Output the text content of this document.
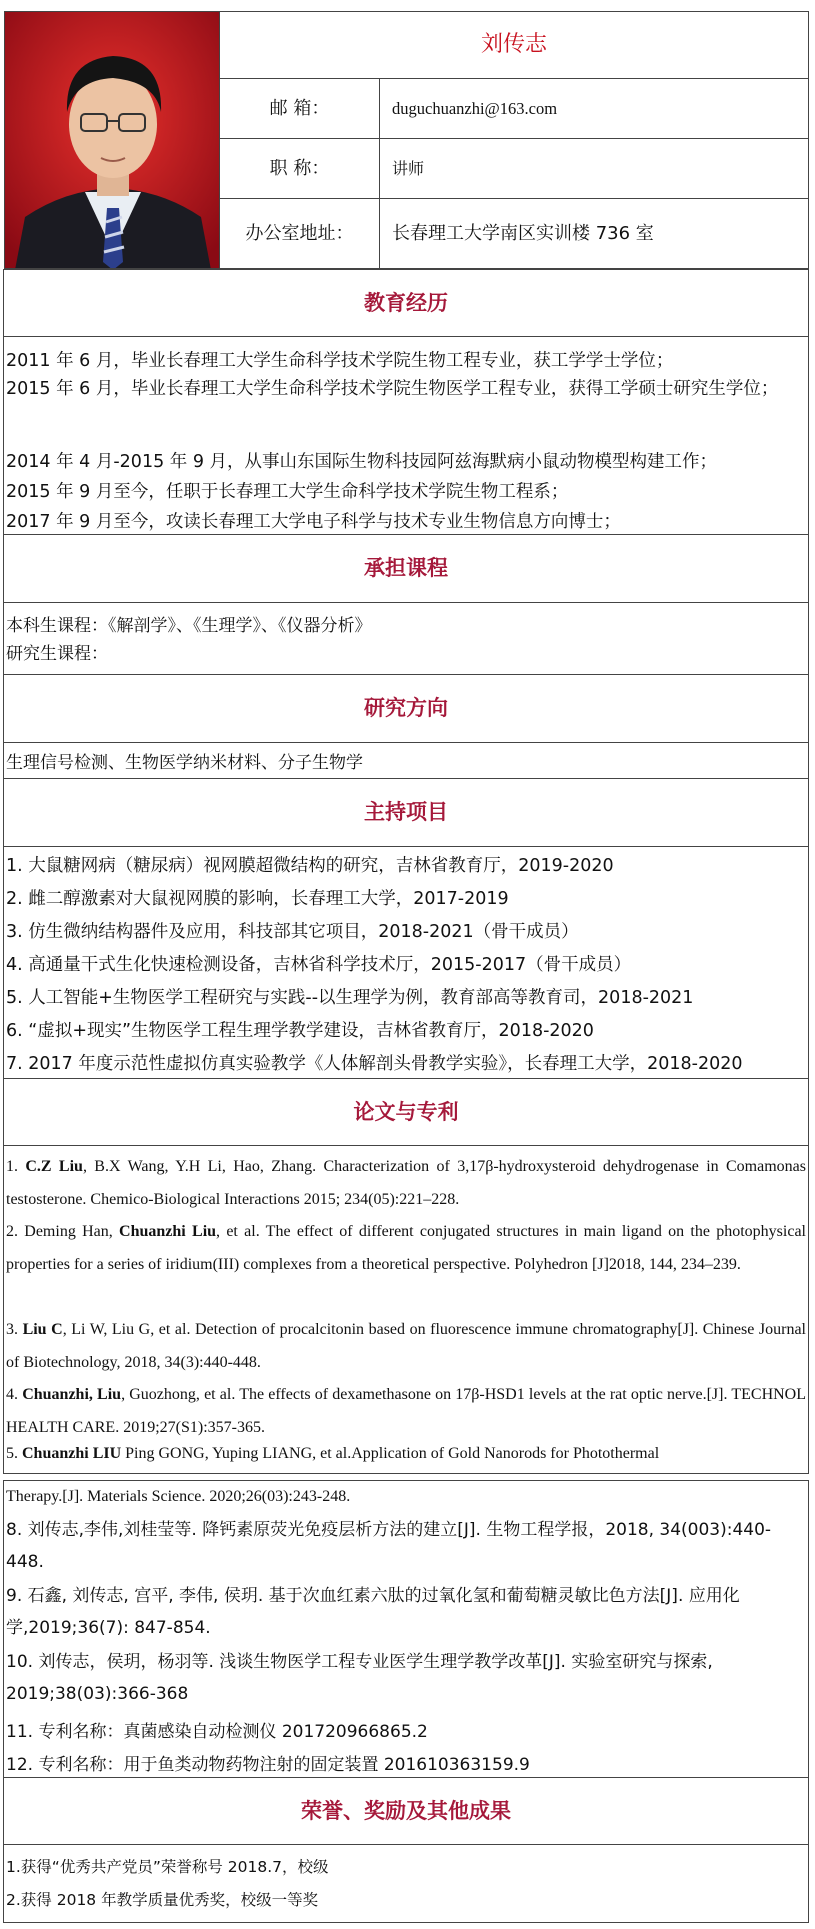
刘传志
邮 箱：	duguchuanzhi@163.com
职 称：	讲师
办公室地址：	长春理工大学南区实训楼 736 室
教育经历
2011 年 6 月，毕业长春理工大学生命科学技术学院生物工程专业，获工学学士学位；
2015 年 6 月，毕业长春理工大学生命科学技术学院生物医学工程专业，获得工学硕士研究生学位；
2014 年 4 月-2015 年 9 月，从事山东国际生物科技园阿兹海默病小鼠动物模型构建工作；
2015 年 9 月至今，任职于长春理工大学生命科学技术学院生物工程系；
2017 年 9 月至今，攻读长春理工大学电子科学与技术专业生物信息方向博士；
承担课程
本科生课程：《解剖学》、《生理学》、《仪器分析》
研究生课程：
研究方向
生理信号检测、生物医学纳米材料、分子生物学
主持项目
1. 大鼠糖网病（糖尿病）视网膜超微结构的研究，吉林省教育厅，2019-2020
2. 雌二醇激素对大鼠视网膜的影响，长春理工大学，2017-2019
3. 仿生微纳结构器件及应用，科技部其它项目，2018-2021（骨干成员）
4. 高通量干式生化快速检测设备，吉林省科学技术厅，2015-2017（骨干成员）
5. 人工智能+生物医学工程研究与实践--以生理学为例，教育部高等教育司，2018-2021
6. “虚拟+现实”生物医学工程生理学教学建设，吉林省教育厅，2018-2020
7. 2017 年度示范性虚拟仿真实验教学《人体解剖头骨教学实验》，长春理工大学，2018-2020
论文与专利
1. C.Z Liu, B.X Wang, Y.H Li, Hao, Zhang. Characterization of 3,17β-hydroxysteroid dehydrogenase in Comamonas testosterone. Chemico-Biological Interactions 2015; 234(05):221–228.
2. Deming Han, Chuanzhi Liu, et al. The effect of different conjugated structures in main ligand on the photophysical properties for a series of iridium(III) complexes from a theoretical perspective. Polyhedron [J]2018, 144, 234–239.
3. Liu C, Li W, Liu G, et al. Detection of procalcitonin based on fluorescence immune chromatography[J]. Chinese Journal of Biotechnology, 2018, 34(3):440-448.
4. Chuanzhi, Liu, Guozhong, et al. The effects of dexamethasone on 17β-HSD1 levels at the rat optic nerve.[J]. TECHNOL HEALTH CARE. 2019;27(S1):357-365.
5. Chuanzhi LIU Ping GONG, Yuping LIANG, et al.Application of Gold Nanorods for Photothermal
Therapy.[J]. Materials Science. 2020;26(03):243-248.
8. 刘传志,李伟,刘桂莹等. 降钙素原荧光免疫层析方法的建立[J]. 生物工程学报，2018, 34(003):440-448.
9. 石鑫, 刘传志, 宫平, 李伟, 侯玥. 基于次血红素六肽的过氧化氢和葡萄糖灵敏比色方法[J]. 应用化学,2019;36(7): 847-854.
10. 刘传志，侯玥，杨羽等. 浅谈生物医学工程专业医学生理学教学改革[J]. 实验室研究与探索, 2019;38(03):366-368
11. 专利名称：真菌感染自动检测仪 201720966865.2
12. 专利名称：用于鱼类动物药物注射的固定装置 201610363159.9
荣誉、奖励及其他成果
1.获得“优秀共产党员”荣誉称号 2018.7，校级
2.获得 2018 年教学质量优秀奖，校级一等奖
